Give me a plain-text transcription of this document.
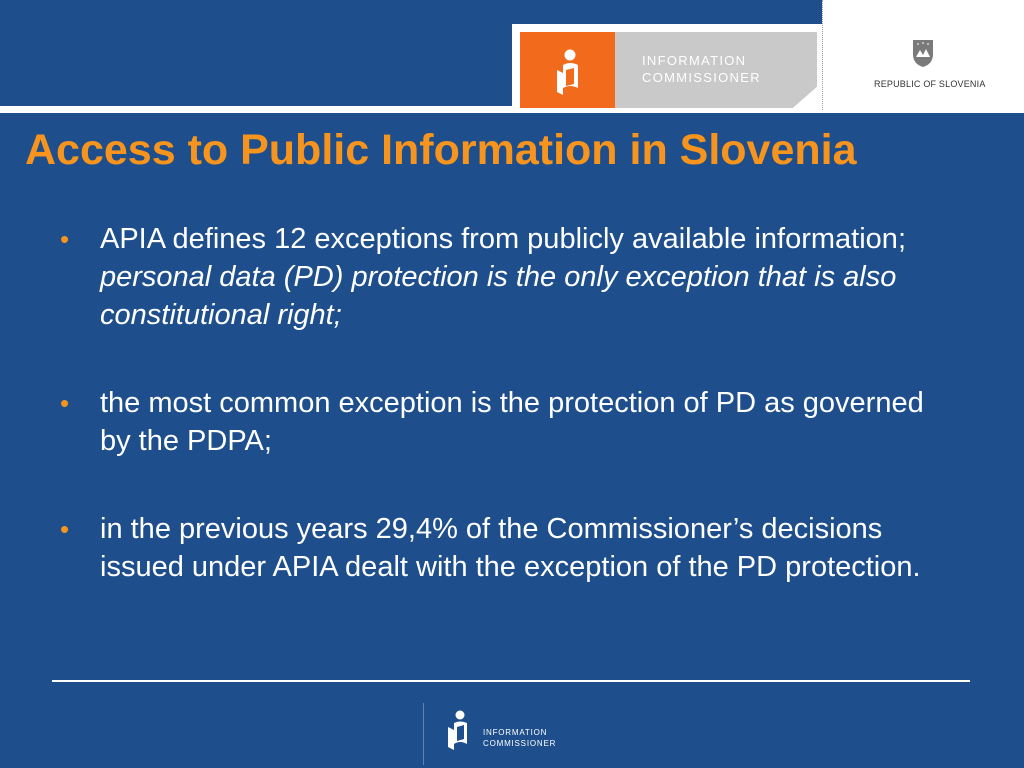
INFORMATION
COMMISSIONER	REPUBLIC OF SLOVENIA
Access to Public Information in Slovenia
• APIA defines 12 exceptions from publicly available information; personal data (PD) protection is the only exception that is also constitutional right;
• the most common exception is the protection of PD as governed by the PDPA;
• in the previous years 29,4% of the Commissioner’s decisions issued under APIA dealt with the exception of the PD protection.
INFORMATION
COMMISSIONER
